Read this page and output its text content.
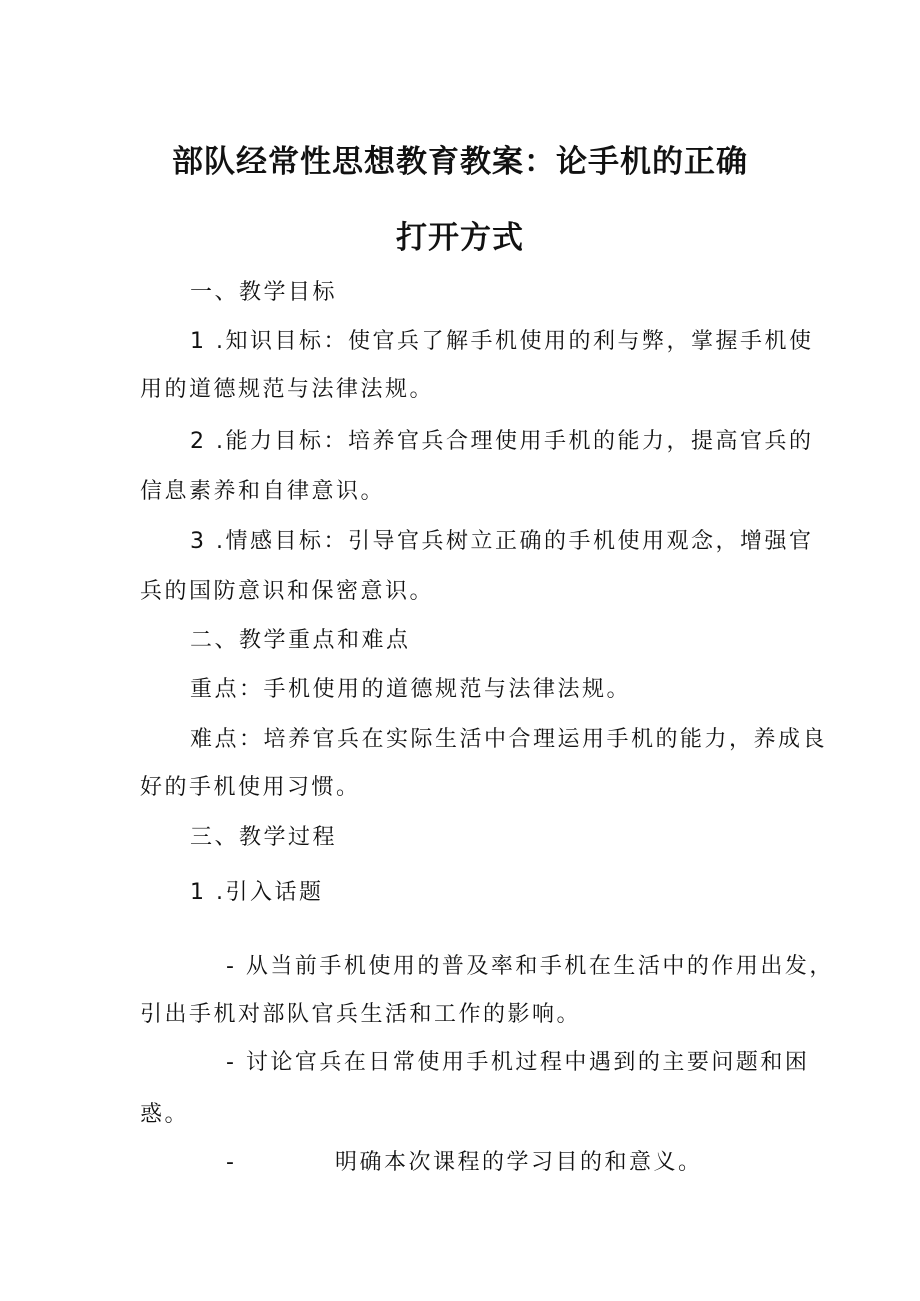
部队经常性思想教育教案：论手机的正确
打开方式
一、教学目标
1 .知识目标：使官兵了解手机使用的利与弊，掌握手机使
用的道德规范与法律法规。
2 .能力目标：培养官兵合理使用手机的能力，提高官兵的
信息素养和自律意识。
3 .情感目标：引导官兵树立正确的手机使用观念，增强官
兵的国防意识和保密意识。
二、教学重点和难点
重点：手机使用的道德规范与法律法规。
难点：培养官兵在实际生活中合理运用手机的能力，养成良
好的手机使用习惯。
三、教学过程
1 .引入话题
- 从当前手机使用的普及率和手机在生活中的作用出发，
引出手机对部队官兵生活和工作的影响。
- 讨论官兵在日常使用手机过程中遇到的主要问题和困
惑。
-	明确本次课程的学习目的和意义。
